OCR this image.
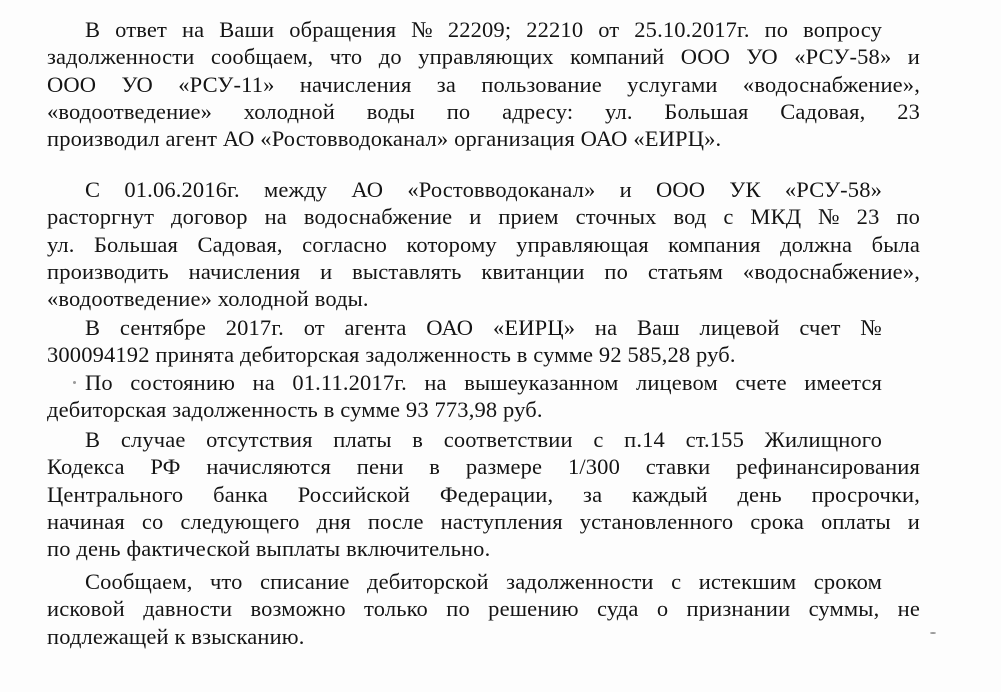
В ответ на Ваши обращения № 22209; 22210 от 25.10.2017г. по вопросу
задолженности сообщаем, что до управляющих компаний ООО УО «РСУ-58» и
ООО УО «РСУ-11» начисления за пользование услугами «водоснабжение»,
«водоотведение» холодной воды по адресу: ул. Большая Садовая, 23
производил агент АО «Ростовводоканал» организация ОАО «ЕИРЦ».
С 01.06.2016г. между АО «Ростовводоканал» и ООО УК «РСУ-58»
расторгнут договор на водоснабжение и прием сточных вод с МКД № 23 по
ул. Большая Садовая, согласно которому управляющая компания должна была
производить начисления и выставлять квитанции по статьям «водоснабжение»,
«водоотведение» холодной воды.
В сентябре 2017г. от агента ОАО «ЕИРЦ» на Ваш лицевой счет №
300094192 принята дебиторская задолженность в сумме 92 585,28 руб.
По состоянию на 01.11.2017г. на вышеуказанном лицевом счете имеется
дебиторская задолженность в сумме 93 773,98 руб.
В случае отсутствия платы в соответствии с п.14 ст.155 Жилищного
Кодекса РФ начисляются пени в размере 1/300 ставки рефинансирования
Центрального банка Российской Федерации, за каждый день просрочки,
начиная со следующего дня после наступления установленного срока оплаты и
по день фактической выплаты включительно.
Сообщаем, что списание дебиторской задолженности с истекшим сроком
исковой давности возможно только по решению суда о признании суммы, не
подлежащей к взысканию.
